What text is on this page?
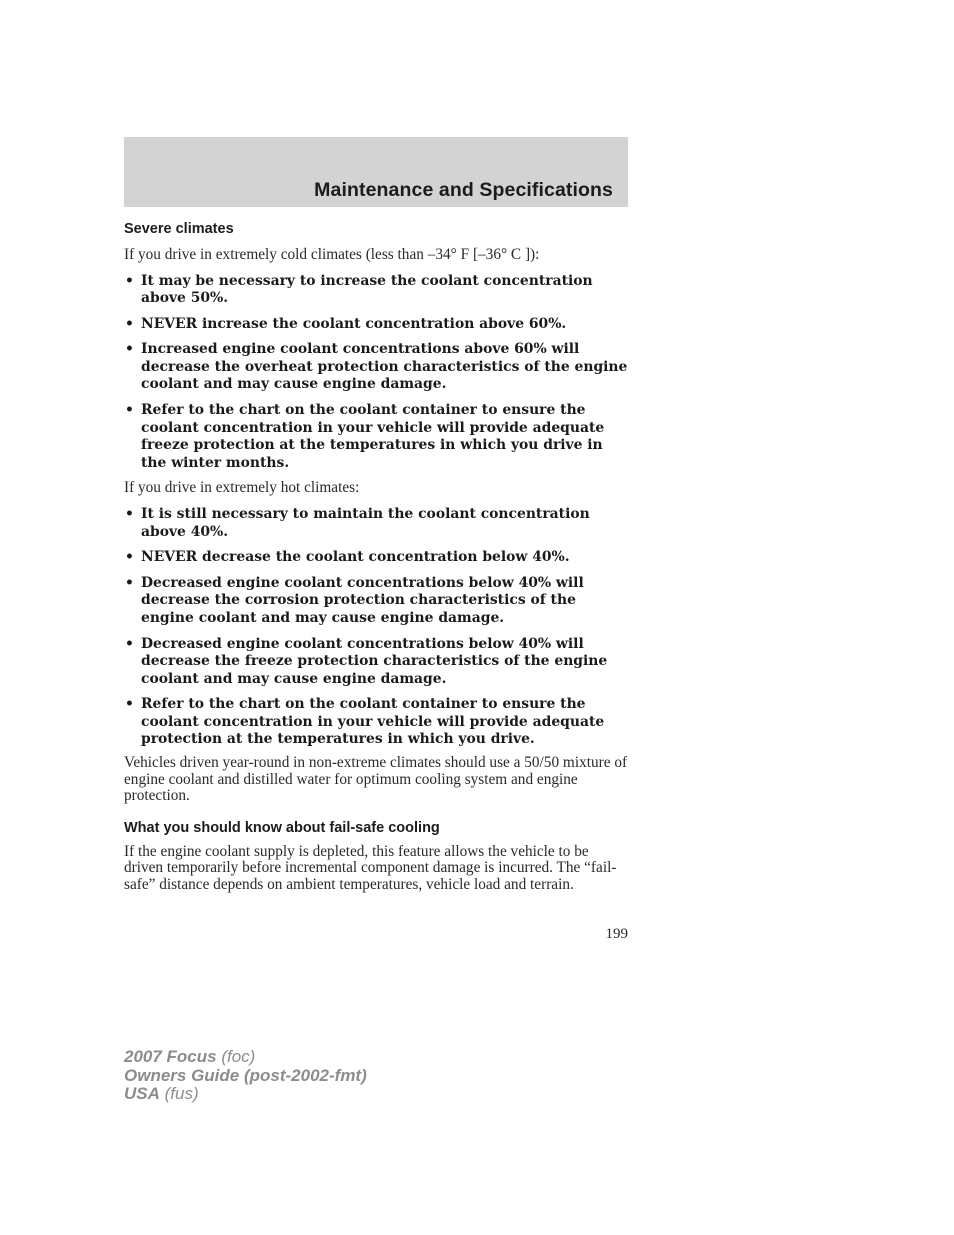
Maintenance and Specifications
Severe climates

If you drive in extremely cold climates (less than –34° F [–36° C ]):

• It may be necessary to increase the coolant concentration above 50%.
• NEVER increase the coolant concentration above 60%.
• Increased engine coolant concentrations above 60% will decrease the overheat protection characteristics of the engine coolant and may cause engine damage.
• Refer to the chart on the coolant container to ensure the coolant concentration in your vehicle will provide adequate freeze protection at the temperatures in which you drive in the winter months.

If you drive in extremely hot climates:

• It is still necessary to maintain the coolant concentration above 40%.
• NEVER decrease the coolant concentration below 40%.
• Decreased engine coolant concentrations below 40% will decrease the corrosion protection characteristics of the engine coolant and may cause engine damage.
• Decreased engine coolant concentrations below 40% will decrease the freeze protection characteristics of the engine coolant and may cause engine damage.
• Refer to the chart on the coolant container to ensure the coolant concentration in your vehicle will provide adequate protection at the temperatures in which you drive.

Vehicles driven year-round in non-extreme climates should use a 50/50 mixture of engine coolant and distilled water for optimum cooling system and engine protection.

What you should know about fail-safe cooling

If the engine coolant supply is depleted, this feature allows the vehicle to be driven temporarily before incremental component damage is incurred. The “fail-safe” distance depends on ambient temperatures, vehicle load and terrain.

199
2007 Focus (foc)
Owners Guide (post-2002-fmt)
USA (fus)
